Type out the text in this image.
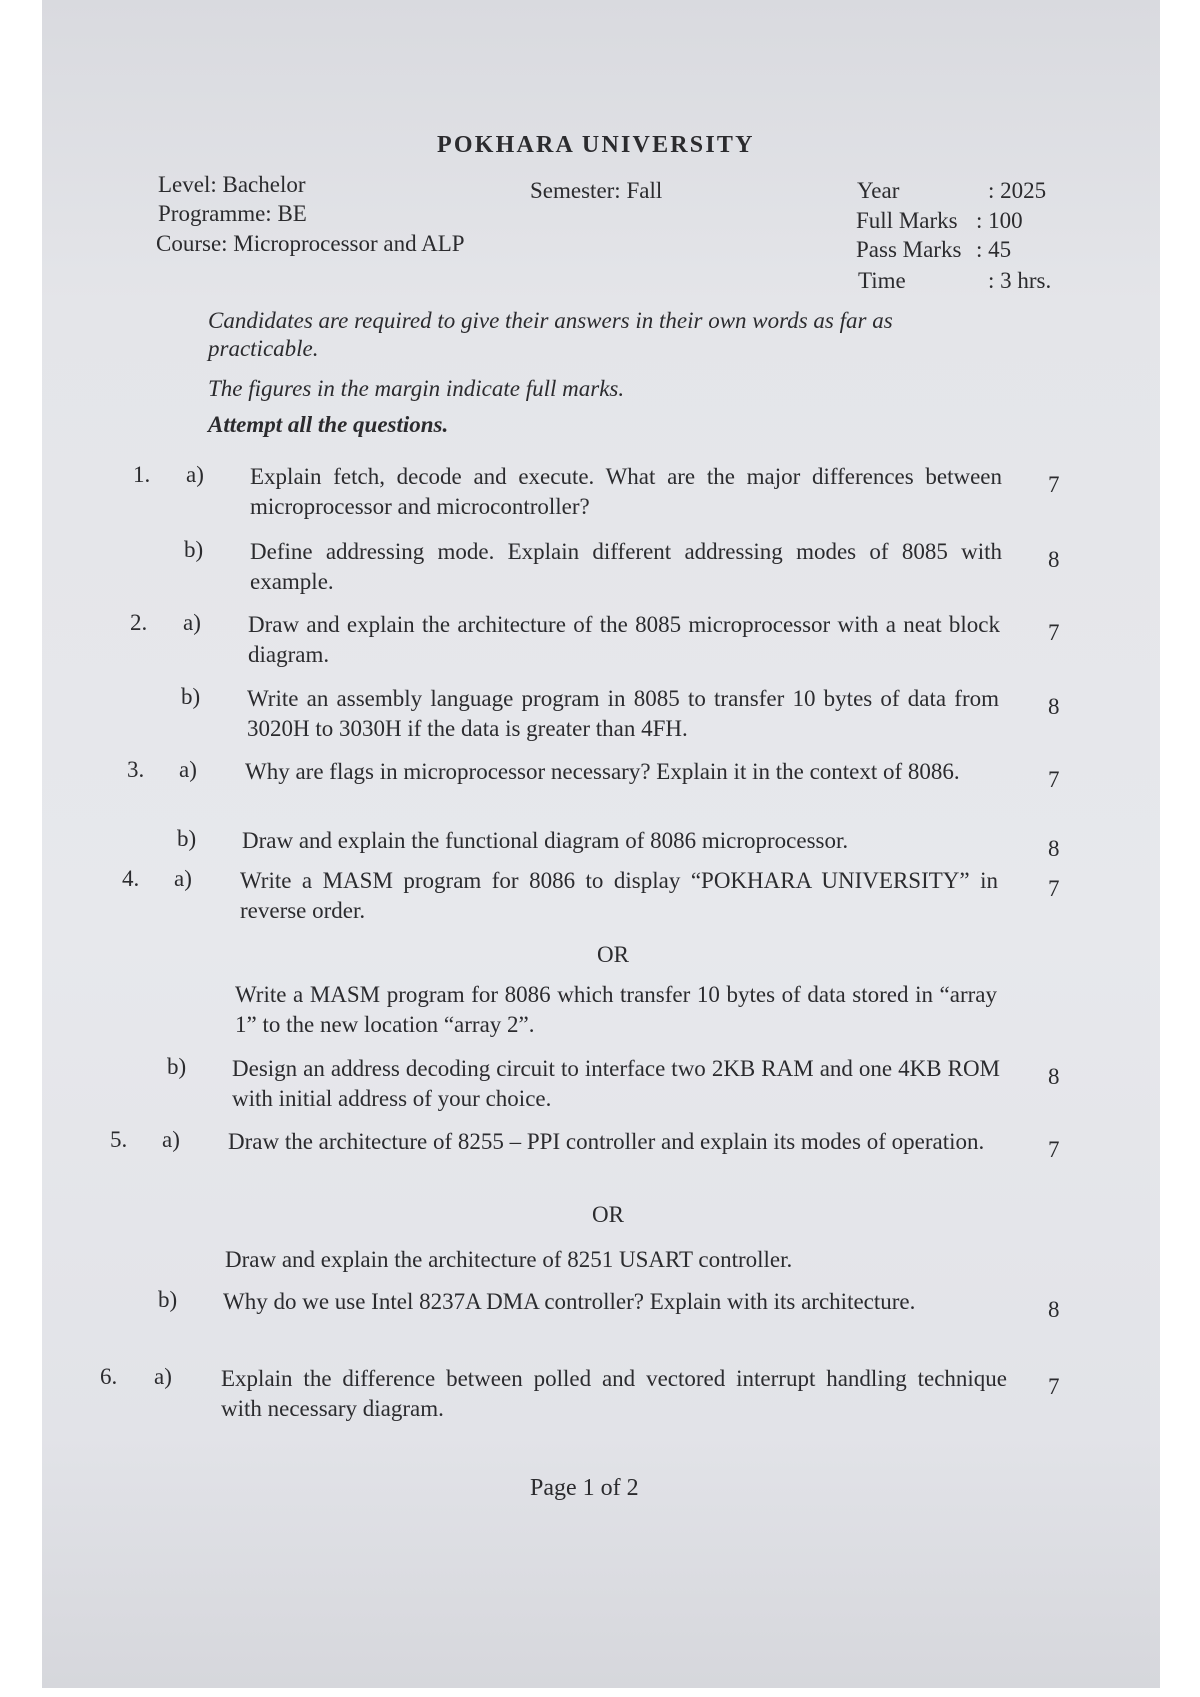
POKHARA UNIVERSITY
Level: Bachelor
Programme: BE
Course: Microprocessor and ALP
Semester: Fall	Year	: 2025
Full Marks : 100
Pass Marks : 45
Time	: 3 hrs.
Candidates are required to give their answers in their own words as far as practicable.
The figures in the margin indicate full marks.
Attempt all the questions.
1. a) Explain fetch, decode and execute. What are the major differences between microprocessor and microcontroller?
7
b) Define addressing mode. Explain different addressing modes of 8085 with example.
8
2. a) Draw and explain the architecture of the 8085 microprocessor with a neat block diagram.
7
b) Write an assembly language program in 8085 to transfer 10 bytes of data from 3020H to 3030H if the data is greater than 4FH.
8
3. a) Why are flags in microprocessor necessary? Explain it in the context of 8086.	7
b) Draw and explain the functional diagram of 8086 microprocessor.	8
4. a) Write a MASM program for 8086 to display “POKHARA UNIVERSITY” in reverse order.
7
OR
Write a MASM program for 8086 which transfer 10 bytes of data stored in “array 1” to the new location “array 2”.
b) Design an address decoding circuit to interface two 2KB RAM and one 4KB ROM with initial address of your choice.
8
5. a) Draw the architecture of 8255 – PPI controller and explain its modes of operation.	7
OR
Draw and explain the architecture of 8251 USART controller.
b) Why do we use Intel 8237A DMA controller? Explain with its architecture.	8
6. a) Explain the difference between polled and vectored interrupt handling technique with necessary diagram.
7
Page 1 of 2
